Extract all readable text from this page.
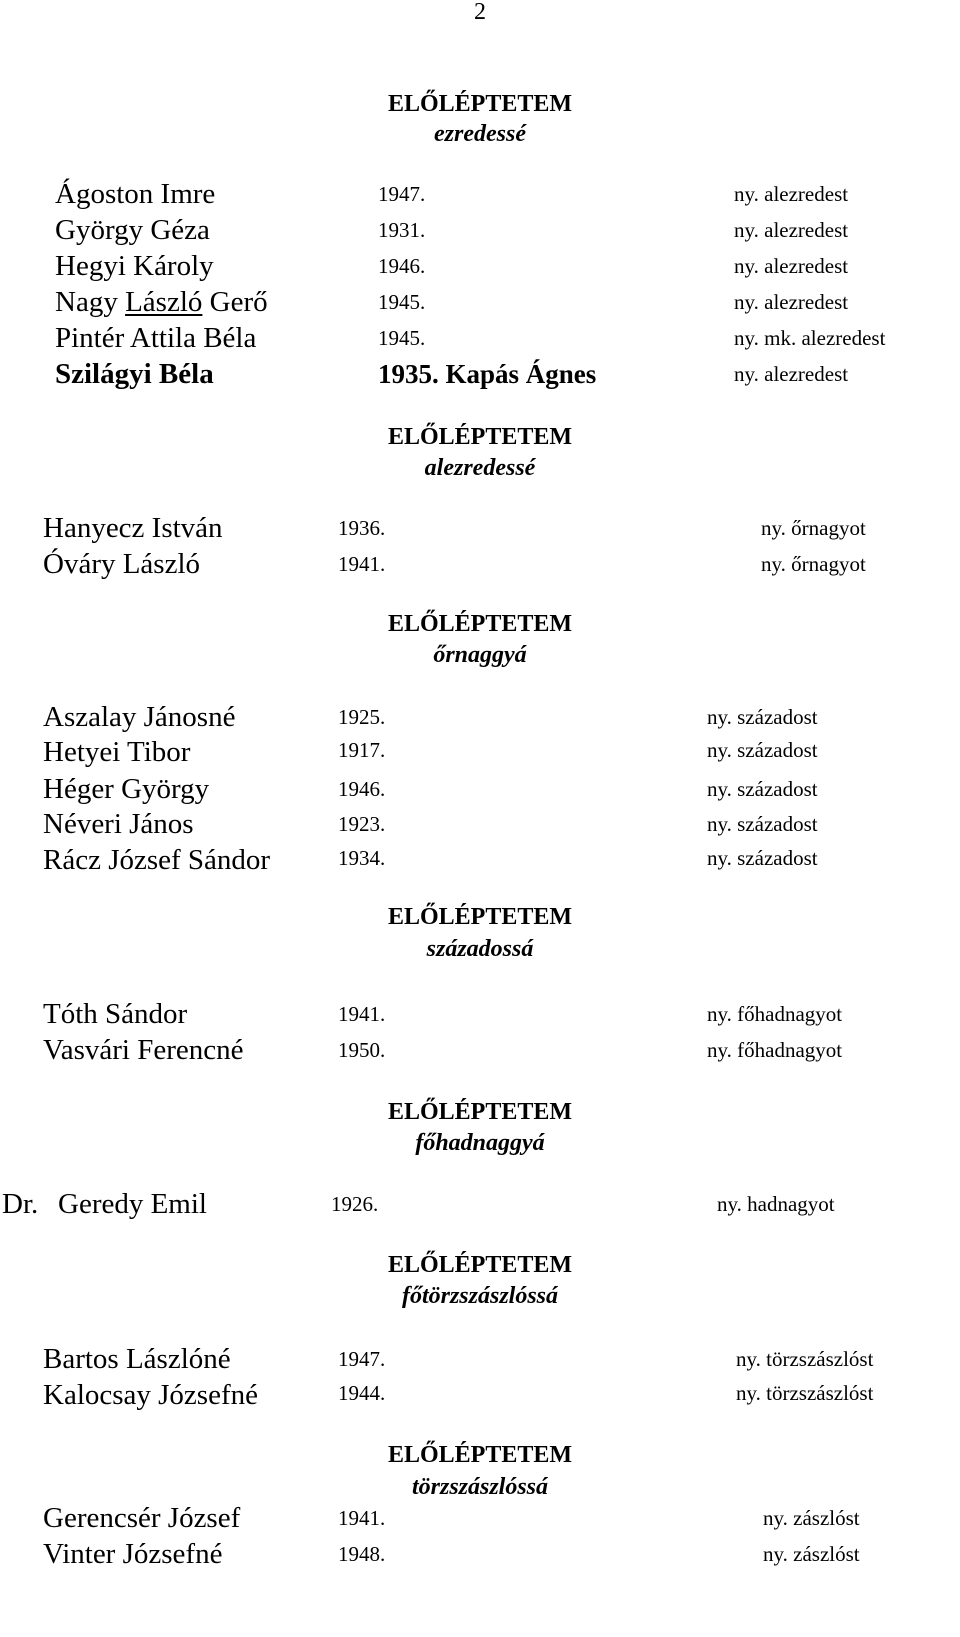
2
ELŐLÉPTETEM
ezredessé
Ágoston Imre	1947.	ny. alezredest
György Géza	1931.	ny. alezredest
Hegyi Károly	1946.	ny. alezredest
Nagy László Gerő	1945.	ny. alezredest
Pintér Attila Béla	1945.	ny. mk. alezredest
Szilágyi Béla	1935. Kapás Ágnes	ny. alezredest
ELŐLÉPTETEM
alezredessé
Hanyecz István	1936.	ny. őrnagyot
Óváry László	1941.	ny. őrnagyot
ELŐLÉPTETEM
őrnaggyá
Aszalay Jánosné	1925.	ny. századost
Hetyei Tibor	1917.	ny. századost
Héger György	1946.	ny. századost
Néveri János	1923.	ny. századost
Rácz József Sándor	1934.	ny. századost
ELŐLÉPTETEM
századossá
Tóth Sándor	1941.	ny. főhadnagyot
Vasvári Ferencné	1950.	ny. főhadnagyot
ELŐLÉPTETEM
főhadnaggyá
Dr. Geredy Emil	1926.	ny. hadnagyot
ELŐLÉPTETEM
főtörzszászlóssá
Bartos Lászlóné	1947.	ny. törzszászlóst
Kalocsay Józsefné	1944.	ny. törzszászlóst
ELŐLÉPTETEM
törzszászlóssá
Gerencsér József	1941.	ny. zászlóst
Vinter Józsefné	1948.	ny. zászlóst
